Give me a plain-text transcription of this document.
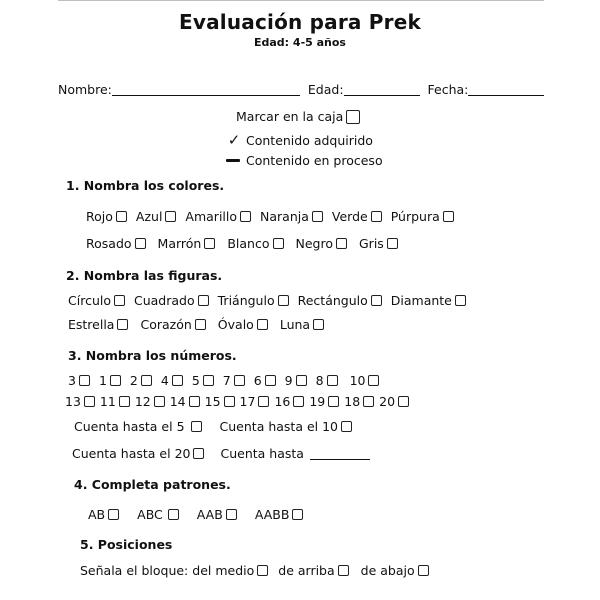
Evaluación para Prek
Edad: 4-5 años
Nombre:	Edad:	Fecha:
Marcar en la caja
✓ Contenido adquirido
Contenido en proceso
1. Nombra los colores.
Rojo Azul Amarillo Naranja Verde Púrpura
Rosado Marrón Blanco Negro Gris
2. Nombra las figuras.
Círculo Cuadrado Triángulo Rectángulo Diamante
Estrella Corazón Óvalo Luna
3. Nombra los números.
3 1 2 4 5 7 6 9 8 10
13 11 12 14 15 17 16 19 18 20
Cuenta hasta el 5	Cuenta hasta el 10
Cuenta hasta el 20 Cuenta hasta
4. Completa patrones.
AB	ABC	AAB	AABB
5. Posiciones
Señala el bloque: del medio de arriba de abajo
